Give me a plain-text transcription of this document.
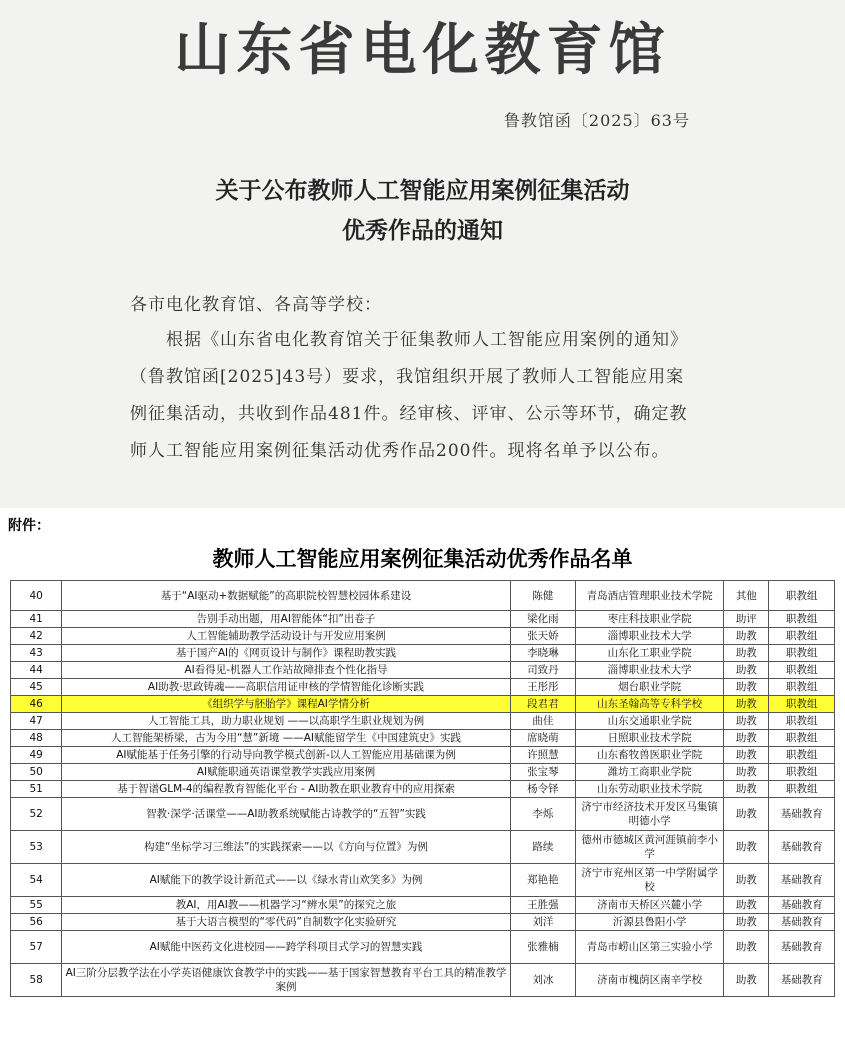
山东省电化教育馆
鲁教馆函〔2025〕63号
关于公布教师人工智能应用案例征集活动
优秀作品的通知
各市电化教育馆、各高等学校：
　　根据《山东省电化教育馆关于征集教师人工智能应用案例的通知》（鲁教馆函[2025]43号）要求，我馆组织开展了教师人工智能应用案例征集活动，共收到作品481件。经审核、评审、公示等环节，确定教师人工智能应用案例征集活动优秀作品200件。现将名单予以公布。
附件：
教师人工智能应用案例征集活动优秀作品名单
40	基于“AI驱动+数据赋能”的高职院校智慧校园体系建设	陈健	青岛酒店管理职业技术学院	其他	职教组
41	告别手动出题，用AI智能体“扣”出卷子	梁化雨	枣庄科技职业学院	助评	职教组
42	人工智能辅助教学活动设计与开发应用案例	张天娇	淄博职业技术大学	助教	职教组
43	基于国产AI的《网页设计与制作》课程助教实践	李晓琳	山东化工职业学院	助教	职教组
44	AI看得见-机器人工作站故障排查个性化指导	司致丹	淄博职业技术大学	助教	职教组
45	AI助教·思政铸魂——高职信用证申核的学情智能化诊断实践	王彤彤	烟台职业学院	助教	职教组
46	《组织学与胚胎学》课程AI学情分析	段君君	山东圣翰高等专科学校	助教	职教组
47	人工智能工具，助力职业规划 ——以高职学生职业规划为例	曲佳	山东交通职业学院	助教	职教组
48	人工智能架桥梁，古为今用“慧”新境 ——AI赋能留学生《中国建筑史》实践	席晓萌	日照职业技术学院	助教	职教组
49	AI赋能基于任务引擎的行动导向教学模式创新-以人工智能应用基础课为例	许照慧	山东畜牧兽医职业学院	助教	职教组
50	AI赋能职通英语课堂教学实践应用案例	张宝琴	潍坊工商职业学院	助教	职教组
51	基于智谱GLM-4的编程教育智能化平台 - AI助教在职业教育中的应用探索	杨令铎	山东劳动职业技术学院	助教	职教组
52	智教·深学·活课堂——AI助教系统赋能古诗教学的“五智”实践	李烁	济宁市经济技术开发区马集镇明德小学	助教	基础教育
53	构建“坐标学习三维法”的实践探索——以《方向与位置》为例	路续	德州市德城区黄河涯镇前李小学	助教	基础教育
54	AI赋能下的教学设计新范式——以《绿水青山欢笑多》为例	郑艳艳	济宁市兖州区第一中学附属学校	助教	基础教育
55	教AI，用AI教——机器学习“辨水果”的探究之旅	王胜强	济南市天桥区兴麓小学	助教	基础教育
56	基于大语言模型的“零代码”自制数字化实验研究	刘洋	沂源县鲁阳小学	助教	基础教育
57	AI赋能中医药文化进校园——跨学科项目式学习的智慧实践	张雅楠	青岛市崂山区第三实验小学	助教	基础教育
58	AI三阶分层教学法在小学英语健康饮食教学中的实践——基于国家智慧教育平台工具的精准教学案例	刘冰	济南市槐荫区南辛学校	助教	基础教育
